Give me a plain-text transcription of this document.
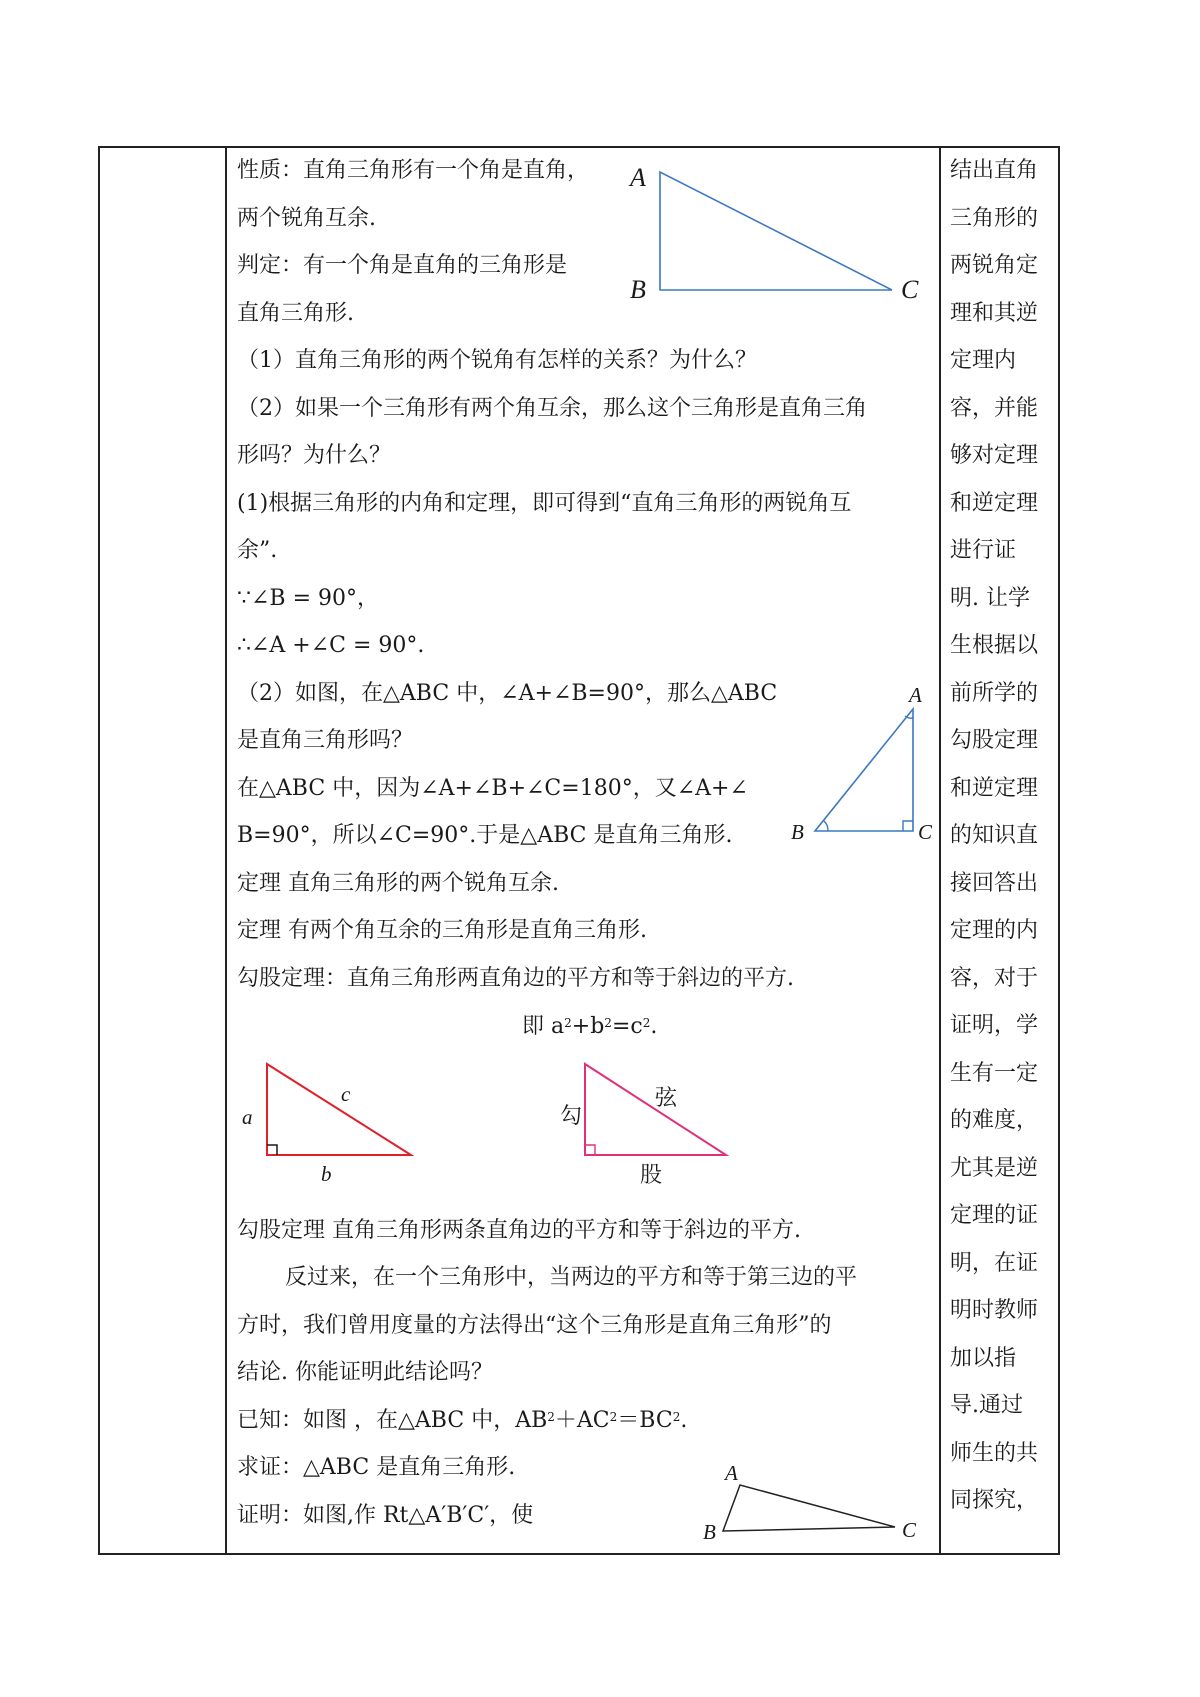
性质：直角三角形有一个角是直角，
两个锐角互余.
判定：有一个角是直角的三角形是
直角三角形.
（1）直角三角形的两个锐角有怎样的关系？为什么？
（2）如果一个三角形有两个角互余，那么这个三角形是直角三角
形吗？为什么？
(1)根据三角形的内角和定理，即可得到“直角三角形的两锐角互
余”.
∵∠B = 90°，
∴∠A +∠C = 90°.
（2）如图，在△ABC 中，∠A+∠B=90°，那么△ABC
是直角三角形吗？
在△ABC 中，因为∠A+∠B+∠C=180°，又∠A+∠
B=90°，所以∠C=90°.于是△ABC 是直角三角形.
定理 直角三角形的两个锐角互余.
定理 有两个角互余的三角形是直角三角形.
勾股定理：直角三角形两直角边的平方和等于斜边的平方.
即 $a^2+b^2=c^2$.
勾股定理 直角三角形两条直角边的平方和等于斜边的平方.
反过来，在一个三角形中，当两边的平方和等于第三边的平
方时，我们曾用度量的方法得出“这个三角形是直角三角形”的
结论. 你能证明此结论吗？
已知：如图 ，在△ABC 中，$AB^2+AC^2=BC^2$.
求证：△ABC 是直角三角形.
证明：如图,作 Rt△A′B′C′，使
A
B	C
A
B	C
a
c
b
勾
弦
股
A
B	C
结出直角
三角形的
两锐角定
理和其逆
定理内
容，并能
够对定理
和逆定理
进行证
明. 让学
生根据以
前所学的
勾股定理
和逆定理
的知识直
接回答出
定理的内
容，对于
证明，学
生有一定
的难度，
尤其是逆
定理的证
明，在证
明时教师
加以指
导.通过
师生的共
同探究，
